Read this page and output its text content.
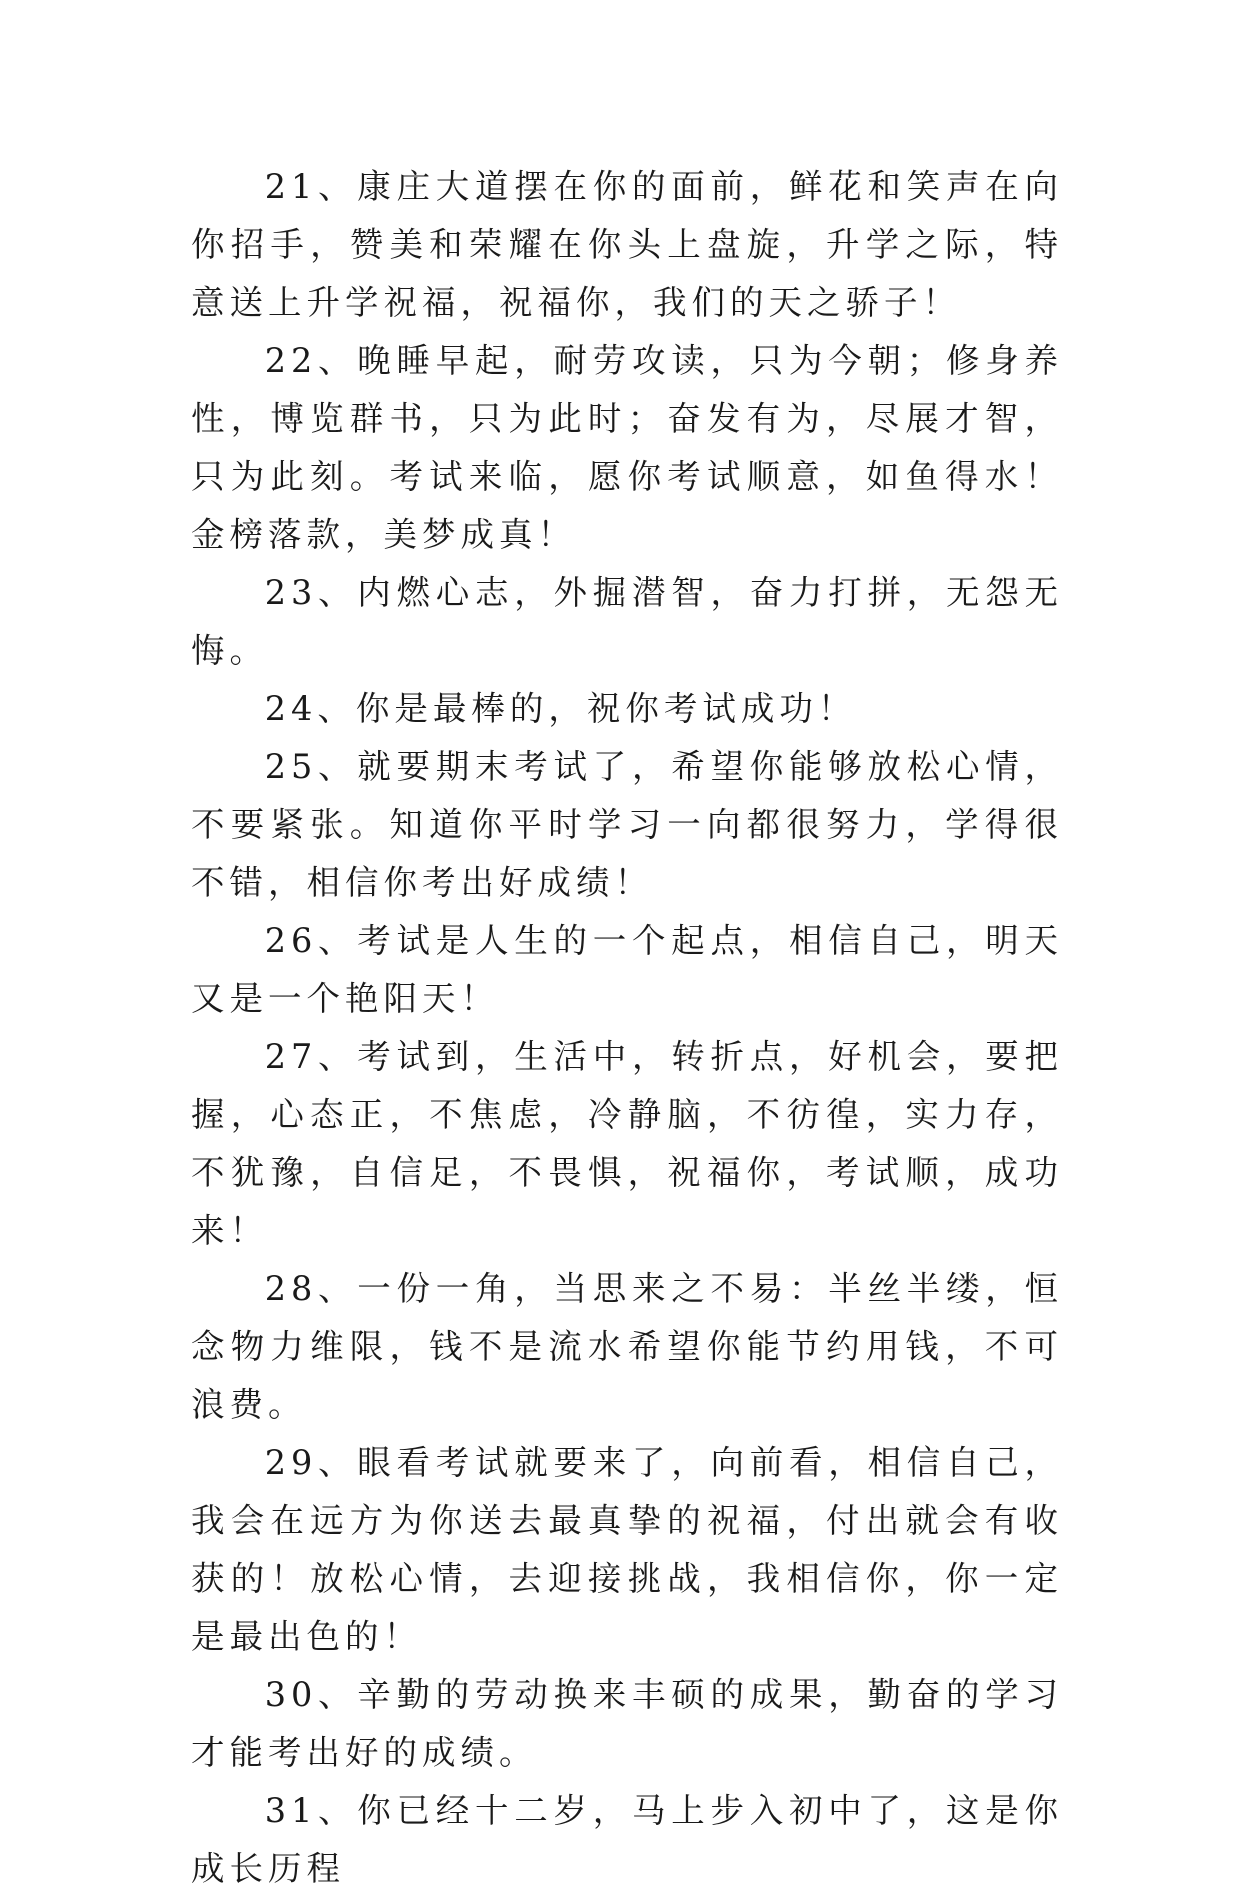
21、康庄大道摆在你的面前，鲜花和笑声在向你招手，赞美和荣耀在你头上盘旋，升学之际，特意送上升学祝福，祝福你，我们的天之骄子！

22、晚睡早起，耐劳攻读，只为今朝；修身养性，博览群书，只为此时；奋发有为，尽展才智，只为此刻。考试来临，愿你考试顺意，如鱼得水！金榜落款，美梦成真！

23、内燃心志，外掘潜智，奋力打拼，无怨无悔。

24、你是最棒的，祝你考试成功！

25、就要期末考试了，希望你能够放松心情，不要紧张。知道你平时学习一向都很努力，学得很不错，相信你考出好成绩！

26、考试是人生的一个起点，相信自己，明天又是一个艳阳天！

27、考试到，生活中，转折点，好机会，要把握，心态正，不焦虑，冷静脑，不彷徨，实力存，不犹豫，自信足，不畏惧，祝福你，考试顺，成功来！

28、一份一角，当思来之不易：半丝半缕，恒念物力维限，钱不是流水希望你能节约用钱，不可浪费。

29、眼看考试就要来了，向前看，相信自己，我会在远方为你送去最真挚的祝福，付出就会有收获的！放松心情，去迎接挑战，我相信你，你一定是最出色的！

30、辛勤的劳动换来丰硕的成果，勤奋的学习才能考出好的成绩。

31、你已经十二岁，马上步入初中了，这是你成长历程
